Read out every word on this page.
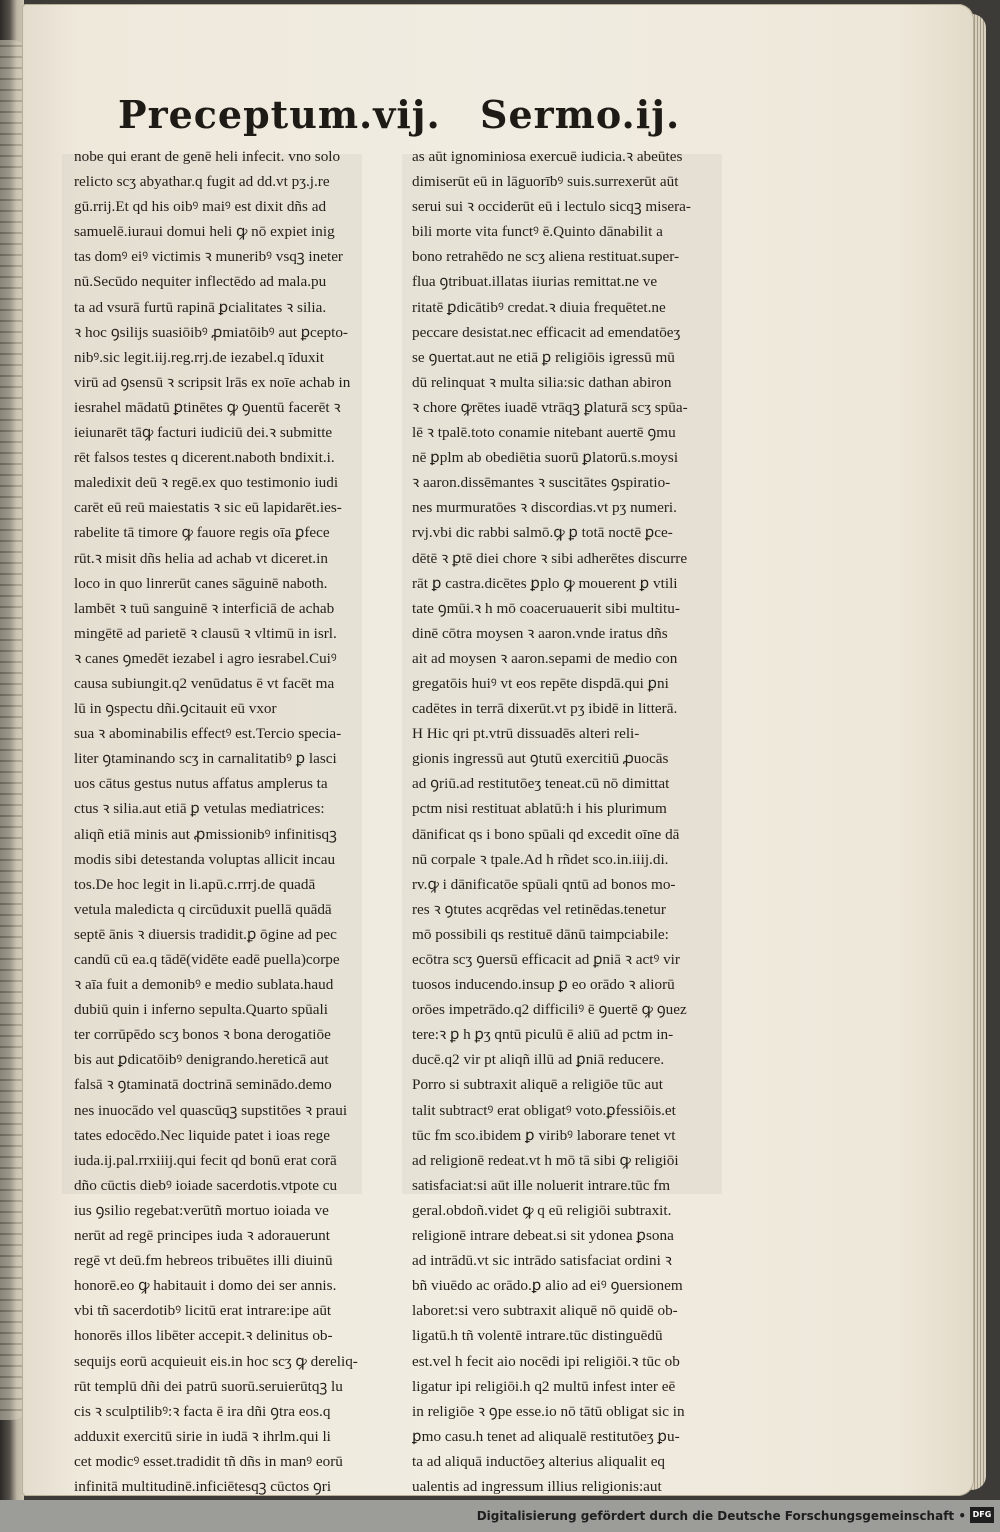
Preceptum.vij. Sermo.ij.
nobe qui erant de genē heli infecit. vno solo
relicto scʒ abyathar.q fugit ad dd.vt pʒ.j.re
gū.rrij.Et qd his oibꝰ maiꝰ est dixit dñs ad
samuelē.iuraui domui heli ꝙ nō expiet inig
tas domꝰ eiꝰ victimis ꝛ muneribꝰ vsqꝫ ineter
nū.Secūdo nequiter inflectēdo ad mala.pu
ta ad vsurā furtū rapinā ꝑcialitates ꝛ silia.
ꝛ hoc ꝯsilijs suasiōibꝰ ꝓmiatōibꝰ aut ꝑcepto-
nibꝰ.sic legit.iij.reg.rrj.de iezabel.q īduxit
virū ad ꝯsensū ꝛ scripsit lrās ex noīe achab in
iesrahel mādatū ꝑtinētes ꝙ ꝯuentū facerēt ꝛ
ieiunarēt tāꝙ facturi iudiciū dei.ꝛ submitte
rēt falsos testes q dicerent.naboth bndixit.i.
maledixit deū ꝛ regē.ex quo testimonio iudi
carēt eū reū maiestatis ꝛ sic eū lapidarēt.ies-
rabelite tā timore ꝙ fauore regis oīa ꝑfece
rūt.ꝛ misit dñs helia ad achab vt diceret.in
loco in quo linrerūt canes sāguinē naboth.
lambēt ꝛ tuū sanguinē ꝛ interficiā de achab
mingētē ad parietē ꝛ clausū ꝛ vltimū in isrl.
ꝛ canes ꝯmedēt iezabel i agro iesrabel.Cuiꝰ
causa subiungit.q2 venūdatus ē vt facēt ma
lū in ꝯspectu dñi.ꝯcitauit eū vxor
sua ꝛ abominabilis effectꝰ est.Tercio specia-
liter ꝯtaminando scʒ in carnalitatibꝰ ꝑ lasci
uos cātus gestus nutus affatus amplerus ta
ctus ꝛ silia.aut etiā ꝑ vetulas mediatrices:
aliqñ etiā minis aut ꝓmissionibꝰ infinitisqꝫ
modis sibi detestanda voluptas allicit incau
tos.De hoc legit in li.apū.c.rrrj.de quadā
vetula maledicta q circūduxit puellā quādā
septē ānis ꝛ diuersis tradidit.ꝑ ōgine ad pec
candū cū ea.q tādē(vidēte eadē puella)corpe
ꝛ aīa fuit a demonibꝰ e medio sublata.haud
dubiū quin i inferno sepulta.Quarto spūali
ter corrūpēdo scʒ bonos ꝛ bona derogatiōe
bis aut ꝑdicatōibꝰ denigrando.hereticā aut
falsā ꝛ ꝯtaminatā doctrinā seminādo.demo
nes inuocādo vel quascūqꝫ supstitōes ꝛ praui
tates edocēdo.Nec liquide patet i ioas rege
iuda.ij.pal.rrxiiij.qui fecit qd bonū erat corā
dño cūctis diebꝰ ioiade sacerdotis.vtpote cu
ius ꝯsilio regebat:verūtñ mortuo ioiada ve
nerūt ad regē principes iuda ꝛ adorauerunt
regē vt deū.fm hebreos tribuētes illi diuinū
honorē.eo ꝙ habitauit i domo dei ser annis.
vbi tñ sacerdotibꝰ licitū erat intrare:ipe aūt
honorēs illos libēter accepit.ꝛ delinitus ob-
sequijs eorū acquieuit eis.in hoc scʒ ꝙ dereliq-
rūt templū dñi dei patrū suorū.seruierūtqꝫ lu
cis ꝛ sculptilibꝰ:ꝛ facta ē ira dñi ꝯtra eos.q
adduxit exercitū sirie in iudā ꝛ ihrlm.qui li
cet modicꝰ esset.tradidit tñ dñs in manꝰ eorū
infinitā multitudinē.inficiētesqꝫ cūctos ꝯri
as aūt ignominiosa exercuē iudicia.ꝛ abeūtes
dimiserūt eū in lāguorībꝰ suis.surrexerūt aūt
serui sui ꝛ occiderūt eū i lectulo sicqꝫ misera-
bili morte vita functꝰ ē.Quinto dānabilit a
bono retrahēdo ne scʒ aliena restituat.super-
flua ꝯtribuat.illatas iiurias remittat.ne ve
ritatē ꝑdicātibꝰ credat.ꝛ diuia frequētet.ne
peccare desistat.nec efficacit ad emendatōeʒ
se ꝯuertat.aut ne etiā ꝑ religiōis igressū mū
dū relinquat ꝛ multa silia:sic dathan abiron
ꝛ chore ꝙrētes iuadē vtrāqꝫ ꝑlaturā scʒ spūa-
lē ꝛ tpalē.toto conamie nitebant auertē ꝯmu
nē ꝑplm ab obediētia suorū ꝑlatorū.s.moysi
ꝛ aaron.dissēmantes ꝛ suscitātes ꝯspiratio-
nes murmuratōes ꝛ discordias.vt pʒ numeri.
rvj.vbi dic rabbi salmō.ꝙ ꝑ totā noctē ꝑce-
dētē ꝛ ꝑtē diei chore ꝛ sibi adherētes discurre
rāt ꝑ castra.dicētes ꝑplo ꝙ mouerent ꝑ vtili
tate ꝯmūi.ꝛ h mō coaceruauerit sibi multitu-
dinē cōtra moysen ꝛ aaron.vnde iratus dñs
ait ad moysen ꝛ aaron.sepami de medio con
gregatōis huiꝰ vt eos repēte dispdā.qui ꝑni
cadētes in terrā dixerūt.vt pʒ ibidē in litterā.
H Hic qri pt.vtrū dissuadēs alteri reli-
gionis ingressū aut ꝯtutū exercitiū ꝓuocās
ad ꝯriū.ad restitutōeʒ teneat.cū nō dimittat
pctm nisi restituat ablatū:h i his plurimum
dānificat qs i bono spūali qd excedit oīne dā
nū corpale ꝛ tpale.Ad h rñdet sco.in.iiij.di.
rv.ꝙ i dānificatōe spūali qntū ad bonos mo-
res ꝛ ꝯtutes acqrēdas vel retinēdas.tenetur
mō possibili qs restituē dānū taimpciabile:
ecōtra scʒ ꝯuersū efficacit ad ꝑniā ꝛ actꝰ vir
tuosos inducendo.insup ꝑ eo orādo ꝛ aliorū
orōes impetrādo.q2 difficiliꝰ ē ꝯuertē ꝙ ꝯuez
tere:ꝛ ꝑ h ꝑʒ qntū piculū ē aliū ad pctm in-
ducē.q2 vir pt aliqñ illū ad ꝑniā reducere.
Porro si subtraxit aliquē a religiōe tūc aut
talit subtractꝰ erat obligatꝰ voto.ꝑfessiōis.et
tūc fm sco.ibidem ꝑ viribꝰ laborare tenet vt
ad religionē redeat.vt h mō tā sibi ꝙ religiōi
satisfaciat:si aūt ille noluerit intrare.tūc fm
geral.obdoñ.videt ꝙ q eū religiōi subtraxit.
religionē intrare debeat.si sit ydonea ꝑsona
ad intrādū.vt sic intrādo satisfaciat ordini ꝛ
bñ viuēdo ac orādo.ꝑ alio ad eiꝰ ꝯuersionem
laboret:si vero subtraxit aliquē nō quidē ob-
ligatū.h tñ volentē intrare.tūc distinguēdū
est.vel h fecit aio nocēdi ipi religiōi.ꝛ tūc ob
ligatur ipi religiōi.h q2 multū infest inter eē
in religiōe ꝛ ꝯpe esse.io nō tātū obligat sic in
ꝑmo casu.h tenet ad aliqualē restitutōeʒ ꝑu-
ta ad aliquā inductōeʒ alterius aliqualit eq
ualentis ad ingressum illius religionis:aut
Digitalisierung gefördert durch die Deutsche Forschungsgemeinschaft • DFG
